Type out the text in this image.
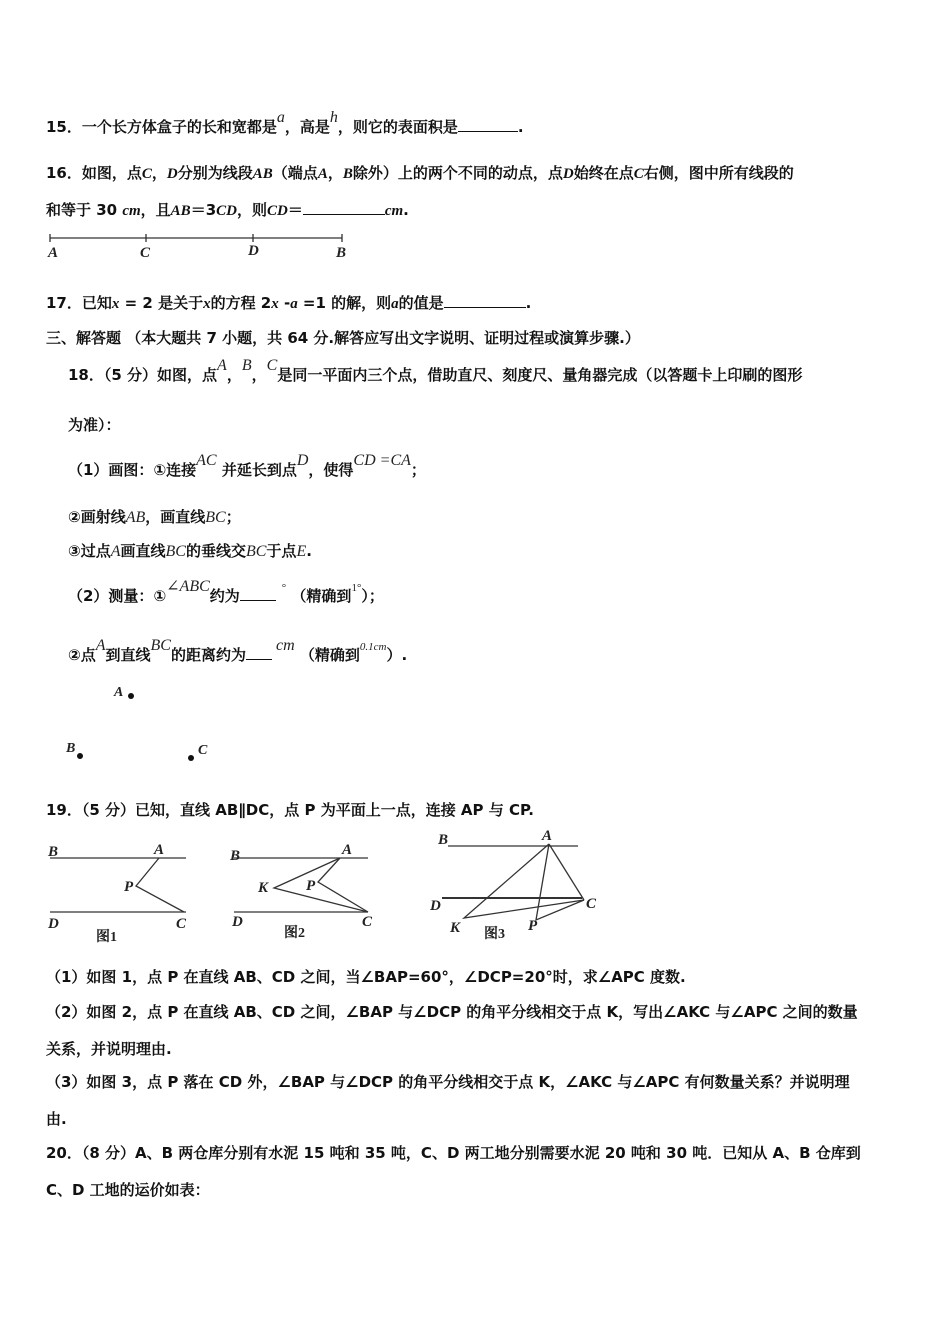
15．一个长方体盒子的长和宽都是a，高是h，则它的表面积是	.
16．如图，点C，D分别为线段AB（端点A，B除外）上的两个不同的动点，点D始终在点C右侧，图中所有线段的
和等于 30 cm，且AB＝3CD，则CD＝	cm.
A	C	D	B
17．已知x = 2 是关于x的方程 2x -a =1 的解，则a的值是	.
三、解答题 （本大题共 7 小题，共 64 分.解答应写出文字说明、证明过程或演算步骤.）
18．（5 分）如图，点A，B，C是同一平面内三个点，借助直尺、刻度尺、量角器完成（以答题卡上印刷的图形
为准）：
（1）画图：①连接AC 并延长到点D，使得CD =CA；
②画射线AB，画直线BC；
③过点A画直线BC的垂线交BC于点E.
（2）测量：①∠ABC约为	° （精确到$^{1^\circ}$）；
②点A到直线BC的距离约为cm （精确到$^{0.1cm}$）.
A
B	C
19．（5 分）已知，直线 AB∥DC，点 P 为平面上一点，连接 AP 与 CP.
B	A
P
D	C
图1
B	A
P
K
D	C
图2
B	A
D	C
K	P
图3
（1）如图 1，点 P 在直线 AB、CD 之间，当∠BAP=60°，∠DCP=20°时，求∠APC 度数.
（2）如图 2，点 P 在直线 AB、CD 之间，∠BAP 与∠DCP 的角平分线相交于点 K，写出∠AKC 与∠APC 之间的数量
关系，并说明理由.
（3）如图 3，点 P 落在 CD 外，∠BAP 与∠DCP 的角平分线相交于点 K，∠AKC 与∠APC 有何数量关系？并说明理
由.
20．（8 分）A、B 两仓库分别有水泥 15 吨和 35 吨，C、D 两工地分别需要水泥 20 吨和 30 吨．已知从 A、B 仓库到
C、D 工地的运价如表：
